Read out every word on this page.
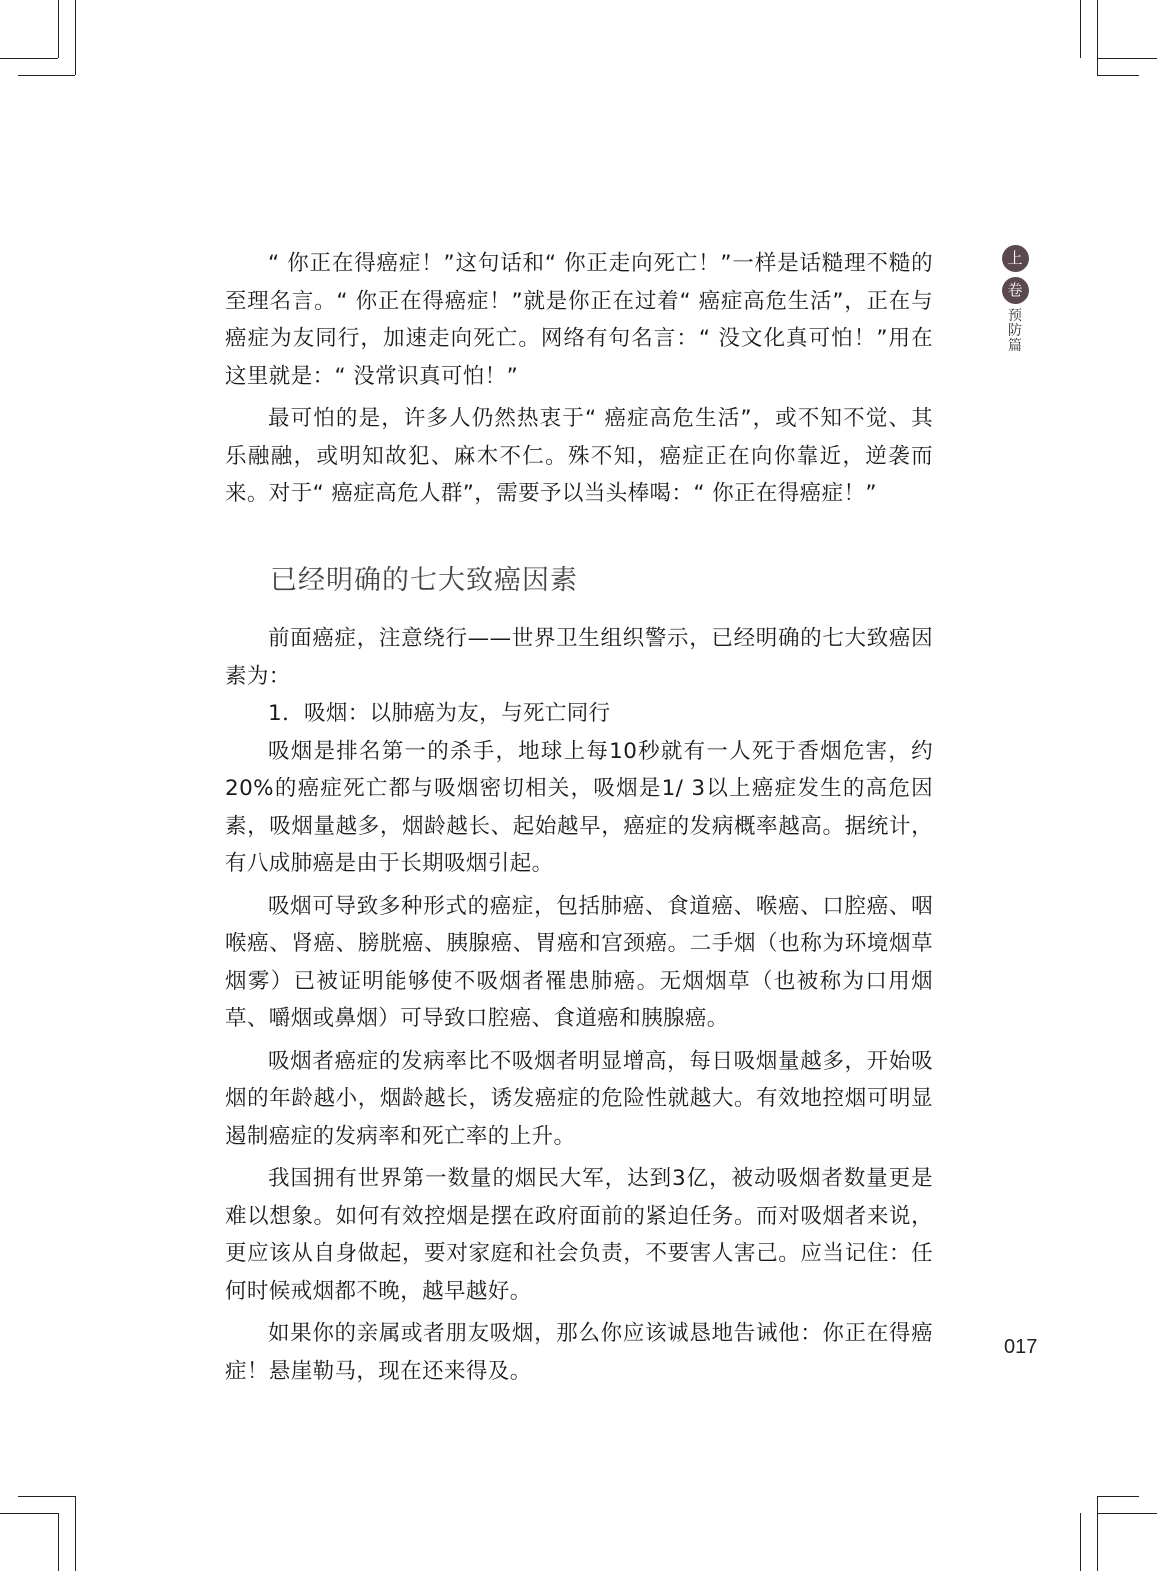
上
卷
预防篇

“ 你正在得癌症！”这句话和“ 你正走向死亡！”一样是话糙理不糙的至理名言。“ 你正在得癌症！”就是你正在过着“ 癌症高危生活”，正在与癌症为友同行，加速走向死亡。网络有句名言：“ 没文化真可怕！”用在这里就是：“ 没常识真可怕！”

最可怕的是，许多人仍然热衷于“ 癌症高危生活”，或不知不觉、其乐融融，或明知故犯、麻木不仁。殊不知，癌症正在向你靠近，逆袭而来。对于“ 癌症高危人群”，需要予以当头棒喝：“ 你正在得癌症！”

已经明确的七大致癌因素

前面癌症，注意绕行——世界卫生组织警示，已经明确的七大致癌因素为：

1．吸烟：以肺癌为友，与死亡同行

吸烟是排名第一的杀手，地球上每10秒就有一人死于香烟危害，约20%的癌症死亡都与吸烟密切相关，吸烟是1/ 3以上癌症发生的高危因素，吸烟量越多，烟龄越长、起始越早，癌症的发病概率越高。据统计，有八成肺癌是由于长期吸烟引起。

吸烟可导致多种形式的癌症，包括肺癌、食道癌、喉癌、口腔癌、咽喉癌、肾癌、膀胱癌、胰腺癌、胃癌和宫颈癌。二手烟（也称为环境烟草烟雾）已被证明能够使不吸烟者罹患肺癌。无烟烟草（也被称为口用烟草、嚼烟或鼻烟）可导致口腔癌、食道癌和胰腺癌。

吸烟者癌症的发病率比不吸烟者明显增高，每日吸烟量越多，开始吸烟的年龄越小，烟龄越长，诱发癌症的危险性就越大。有效地控烟可明显遏制癌症的发病率和死亡率的上升。

我国拥有世界第一数量的烟民大军，达到3亿，被动吸烟者数量更是难以想象。如何有效控烟是摆在政府面前的紧迫任务。而对吸烟者来说，更应该从自身做起，要对家庭和社会负责，不要害人害己。应当记住：任何时候戒烟都不晚，越早越好。

如果你的亲属或者朋友吸烟，那么你应该诚恳地告诫他：你正在得癌症！悬崖勒马，现在还来得及。

017
